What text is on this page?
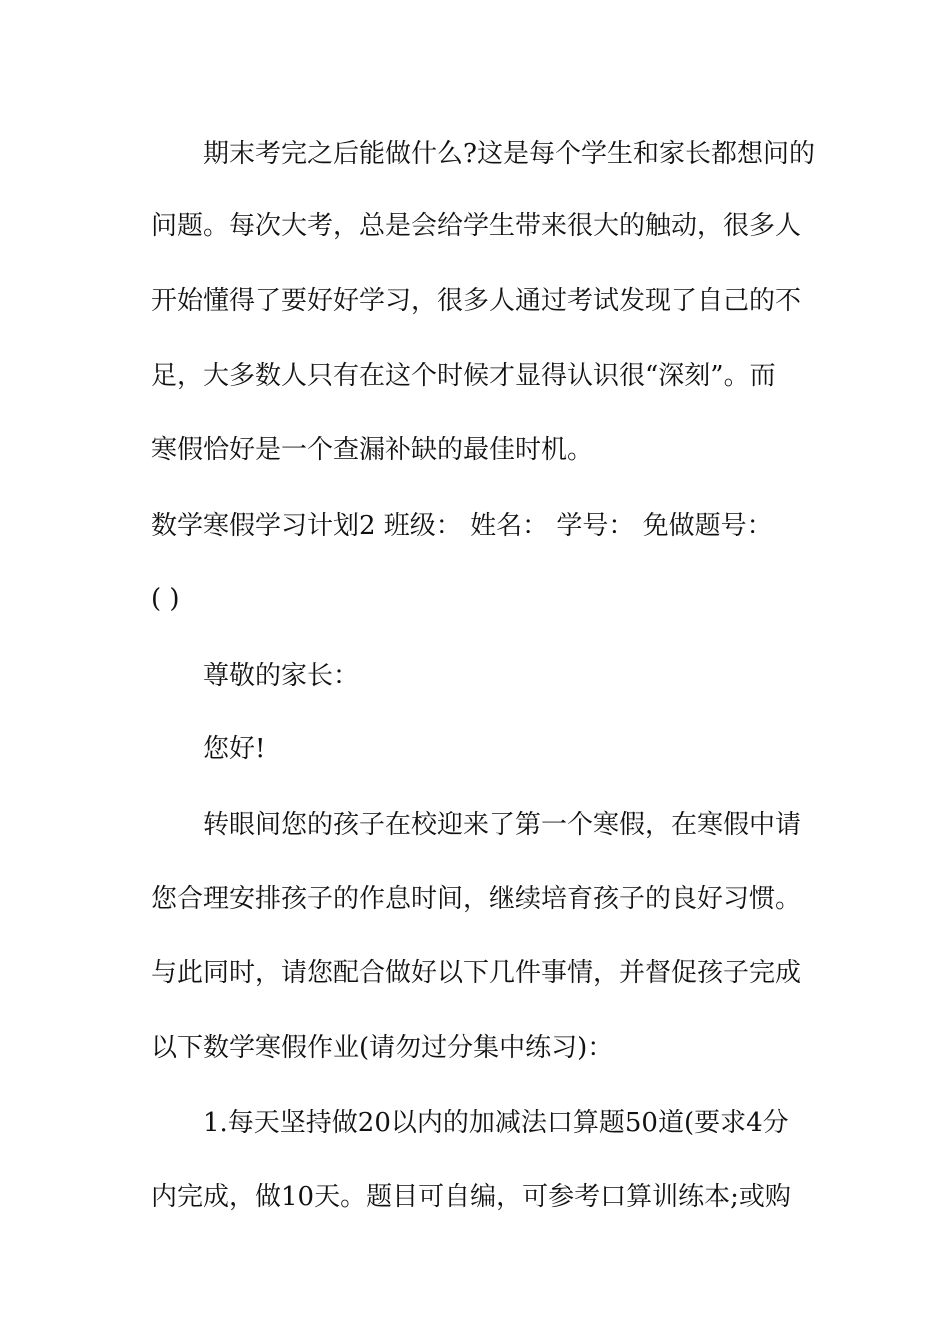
期末考完之后能做什么?这是每个学生和家长都想问的
问题。每次大考，总是会给学生带来很大的触动，很多人
开始懂得了要好好学习，很多人通过考试发现了自己的不
足，大多数人只有在这个时候才显得认识很“深刻”。而
寒假恰好是一个查漏补缺的最佳时机。
数学寒假学习计划2 班级： 姓名： 学号： 免做题号：
( )
尊敬的家长：
您好!
转眼间您的孩子在校迎来了第一个寒假，在寒假中请
您合理安排孩子的作息时间，继续培育孩子的良好习惯。
与此同时，请您配合做好以下几件事情，并督促孩子完成
以下数学寒假作业(请勿过分集中练习)：
1.每天坚持做20以内的加减法口算题50道(要求4分
内完成，做10天。题目可自编，可参考口算训练本;或购
